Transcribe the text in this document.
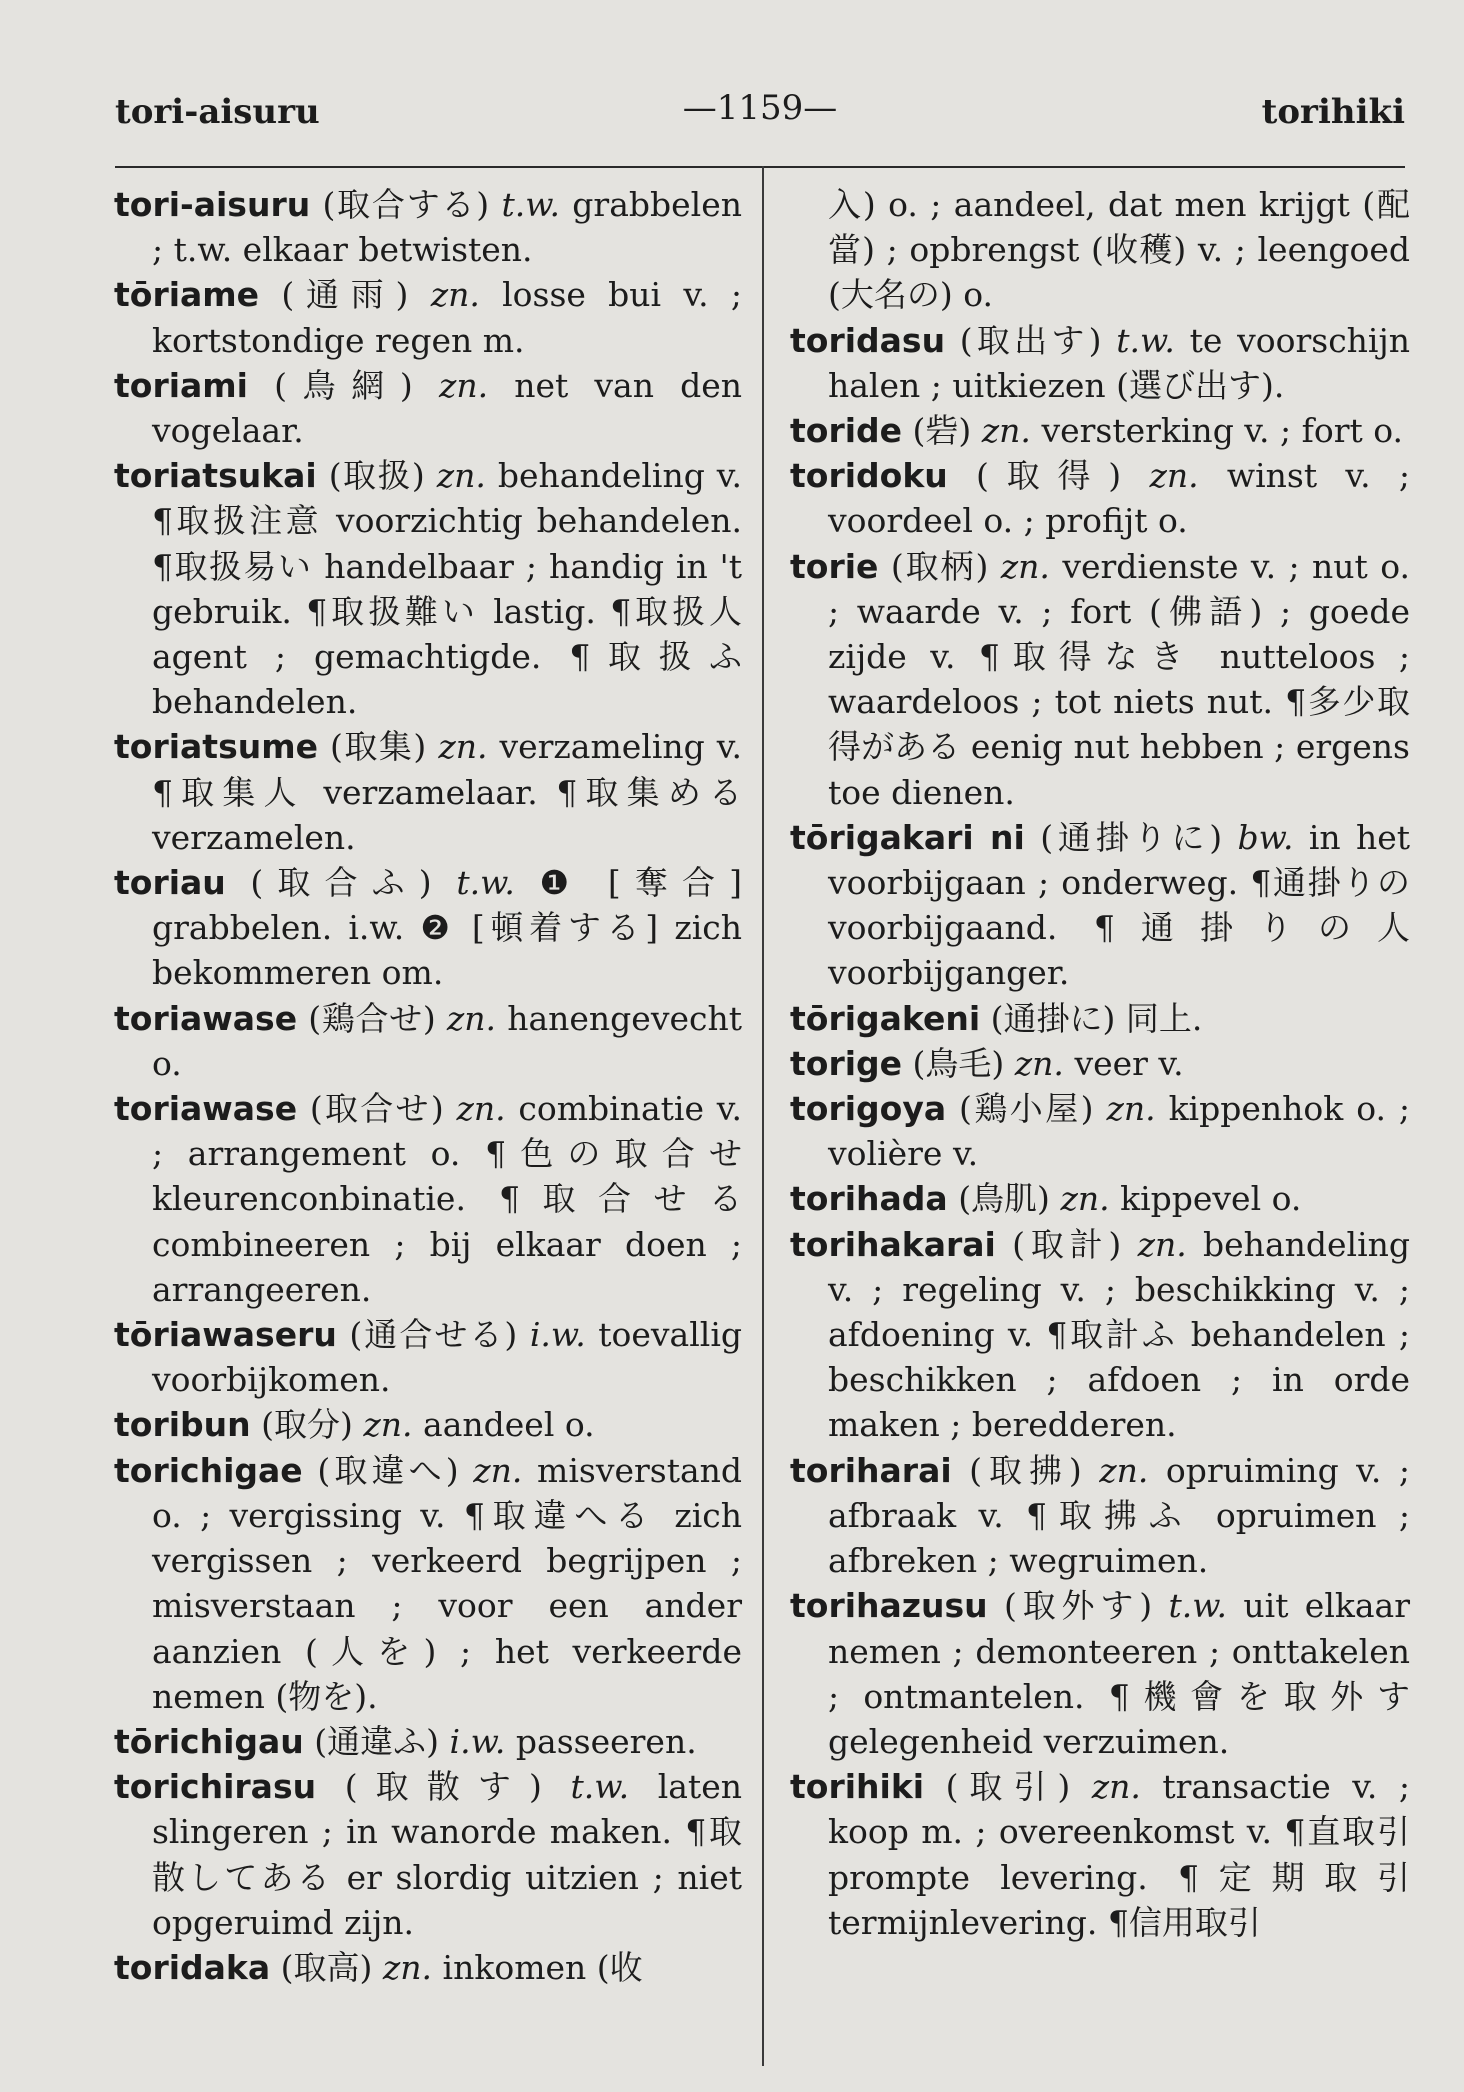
tori-aisuru	—1159—	torihiki

tori-aisuru (取合する) t.w. grabbelen ; t.w. elkaar betwisten.

tōriame (通雨) zn. losse bui v. ; kortstondige regen m.

toriami (鳥網) zn. net van den vogelaar.

toriatsukai (取扱) zn. behandeling v. ¶取扱注意 voorzichtig behandelen. ¶取扱易い handelbaar ; handig in 't gebruik. ¶取扱難い lastig. ¶取扱人 agent ; gemachtigde. ¶取扱ふ behandelen.

toriatsume (取集) zn. verzameling v. ¶取集人 verzamelaar. ¶取集める verzamelen.

toriau (取合ふ) t.w. ❶ [奪合] grabbelen. i.w. ❷ [頓着する] zich bekommeren om.

toriawase (鶏合せ) zn. hanengevecht o.

toriawase (取合せ) zn. combinatie v. ; arrangement o. ¶色の取合せ kleurenconbinatie. ¶取合せる combineeren ; bij elkaar doen ; arrangeeren.

tōriawaseru (通合せる) i.w. toevallig voorbijkomen.

toribun (取分) zn. aandeel o.

torichigae (取違へ) zn. misverstand o. ; vergissing v. ¶取違へる zich vergissen ; verkeerd begrijpen ; misverstaan ; voor een ander aanzien (人を) ; het verkeerde nemen (物を).

tōrichigau (通違ふ) i.w. passeeren.

torichirasu (取散す) t.w. laten slingeren ; in wanorde maken. ¶取散してある er slordig uitzien ; niet opgeruimd zijn.

toridaka (取高) zn. inkomen (收

入) o. ; aandeel, dat men krijgt (配當) ; opbrengst (收穫) v. ; leengoed (大名の) o.

toridasu (取出す) t.w. te voorschijn halen ; uitkiezen (選び出す).

toride (砦) zn. versterking v. ; fort o.

toridoku (取得) zn. winst v. ; voordeel o. ; profijt o.

torie (取柄) zn. verdienste v. ; nut o. ; waarde v. ; fort (佛語) ; goede zijde v. ¶取得なき nutteloos ; waardeloos ; tot niets nut. ¶多少取得がある eenig nut hebben ; ergens toe dienen.

tōrigakari ni (通掛りに) bw. in het voorbijgaan ; onderweg. ¶通掛りの voorbijgaand. ¶通掛りの人 voorbijganger.

tōrigakeni (通掛に) 同上.

torige (鳥毛) zn. veer v.

torigoya (鶏小屋) zn. kippenhok o. ; volière v.

torihada (鳥肌) zn. kippevel o.

torihakarai (取計) zn. behandeling v. ; regeling v. ; beschikking v. ; afdoening v. ¶取計ふ behandelen ; beschikken ; afdoen ; in orde maken ; beredderen.

toriharai (取拂) zn. opruiming v. ; afbraak v. ¶取拂ふ opruimen ; afbreken ; wegruimen.

torihazusu (取外す) t.w. uit elkaar nemen ; demonteeren ; onttakelen ; ontmantelen. ¶機會を取外す gelegenheid verzuimen.

torihiki (取引) zn. transactie v. ; koop m. ; overeenkomst v. ¶直取引 prompte levering. ¶定期取引 termijnlevering. ¶信用取引
